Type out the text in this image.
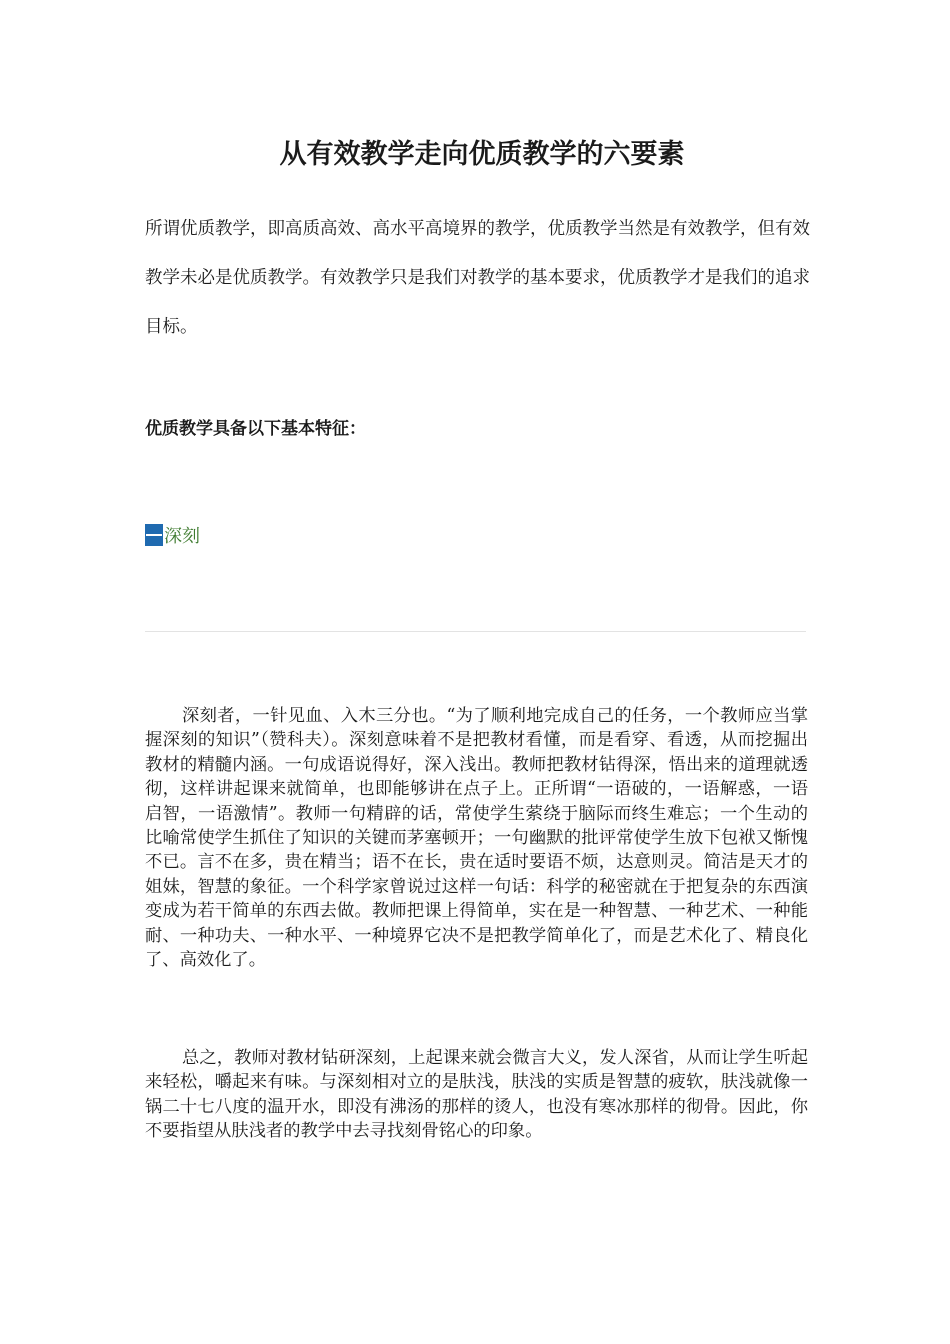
从有效教学走向优质教学的六要素

所谓优质教学，即高质高效、高水平高境界的教学，优质教学当然是有效教学，但有效教学未必是优质教学。有效教学只是我们对教学的基本要求，优质教学才是我们的追求目标。

优质教学具备以下基本特征：

深刻

深刻者，一针见血、入木三分也。“为了顺利地完成自己的任务，一个教师应当掌握深刻的知识”（赞科夫）。深刻意味着不是把教材看懂，而是看穿、看透，从而挖掘出教材的精髓内涵。一句成语说得好，深入浅出。教师把教材钻得深，悟出来的道理就透彻，这样讲起课来就简单，也即能够讲在点子上。正所谓“一语破的，一语解惑，一语启智，一语激情”。教师一句精辟的话，常使学生萦绕于脑际而终生难忘；一个生动的比喻常使学生抓住了知识的关键而茅塞顿开；一句幽默的批评常使学生放下包袱又惭愧不已。言不在多，贵在精当；语不在长，贵在适时要语不烦，达意则灵。简洁是天才的姐妹，智慧的象征。一个科学家曾说过这样一句话：科学的秘密就在于把复杂的东西演变成为若干简单的东西去做。教师把课上得简单，实在是一种智慧、一种艺术、一种能耐、一种功夫、一种水平、一种境界它决不是把教学简单化了，而是艺术化了、精良化了、高效化了。

总之，教师对教材钻研深刻，上起课来就会微言大义，发人深省，从而让学生听起来轻松，嚼起来有味。与深刻相对立的是肤浅，肤浅的实质是智慧的疲软，肤浅就像一锅二十七八度的温开水，即没有沸汤的那样的烫人，也没有寒冰那样的彻骨。因此，你不要指望从肤浅者的教学中去寻找刻骨铭心的印象。
